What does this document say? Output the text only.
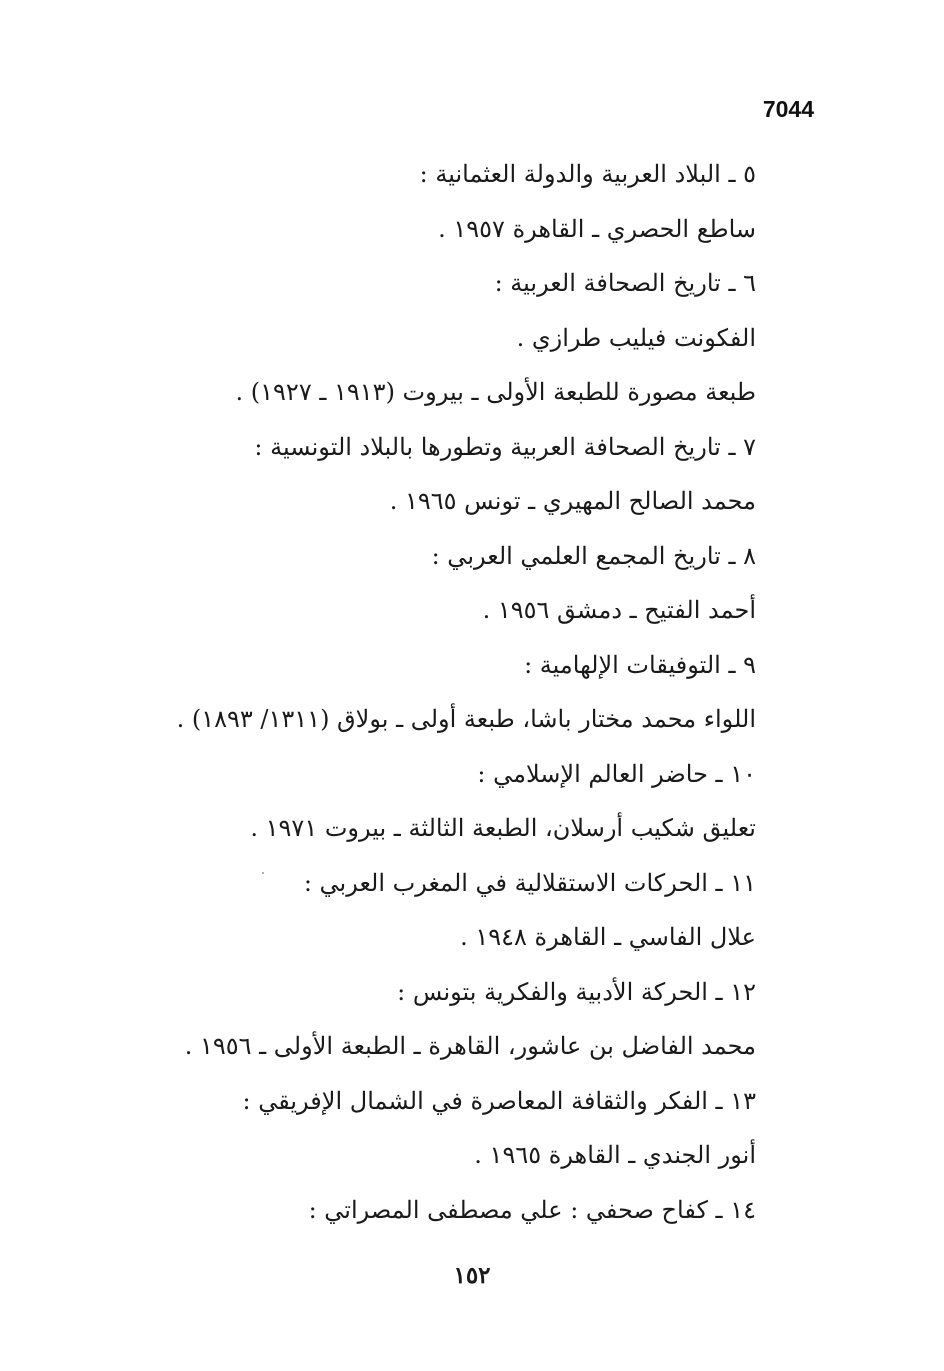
7044
٥ ـ البلاد العربية والدولة العثمانية :
ساطع الحصري ـ القاهرة ١٩٥٧ .
٦ ـ تاريخ الصحافة العربية :
الفكونت فيليب طرازي .
طبعة مصورة للطبعة الأولى ـ بيروت (١٩١٣ ـ ١٩٢٧) .
٧ ـ تاريخ الصحافة العربية وتطورها بالبلاد التونسية :
محمد الصالح المهيري ـ تونس ١٩٦٥ .
٨ ـ تاريخ المجمع العلمي العربي :
أحمد الفتيح ـ دمشق ١٩٥٦ .
٩ ـ التوفيقات الإلهامية :
اللواء محمد مختار باشا، طبعة أولى ـ بولاق (١٣١١/ ١٨٩٣) .
١٠ ـ حاضر العالم الإسلامي :
تعليق شكيب أرسلان، الطبعة الثالثة ـ بيروت ١٩٧١ .
١١ ـ الحركات الاستقلالية في المغرب العربي :
علال الفاسي ـ القاهرة ١٩٤٨ .
١٢ ـ الحركة الأدبية والفكرية بتونس :
محمد الفاضل بن عاشور، القاهرة ـ الطبعة الأولى ـ ١٩٥٦ .
١٣ ـ الفكر والثقافة المعاصرة في الشمال الإفريقي :
أنور الجندي ـ القاهرة ١٩٦٥ .
١٤ ـ كفاح صحفي : علي مصطفى المصراتي :
١٥٢
